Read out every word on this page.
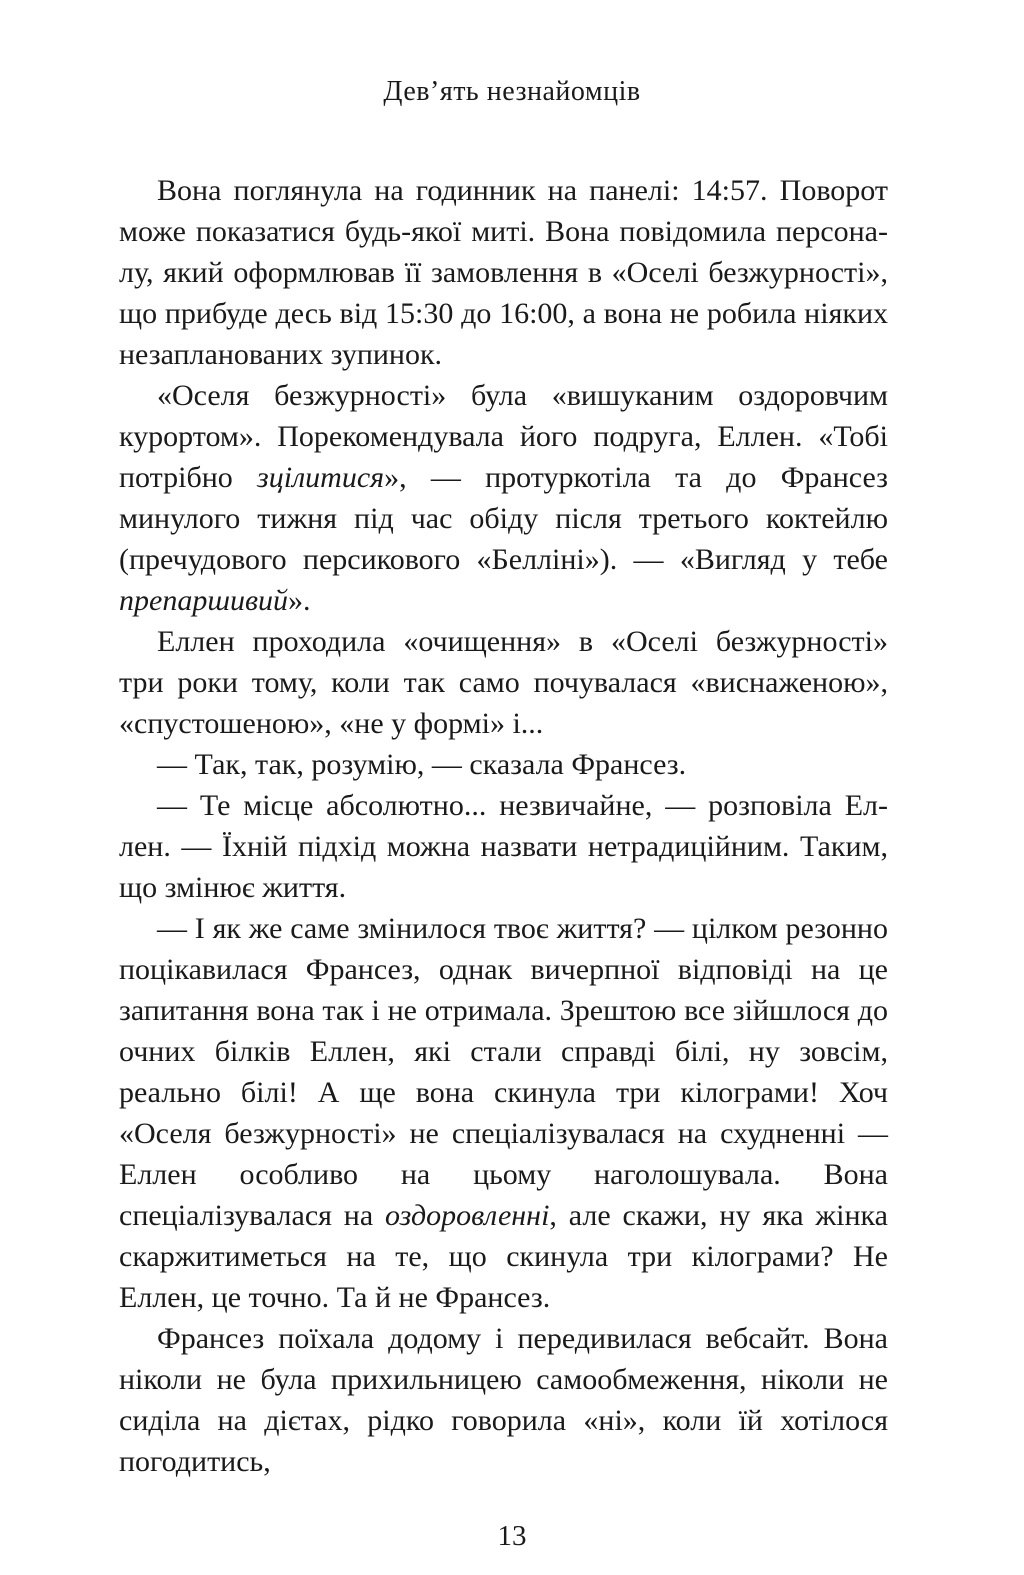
Дев’ять незнайомців

Вона поглянула на годинник на панелі: 14:57. Поворот може показатися будь-якої миті. Вона повідомила персоналу, який оформлював її замовлення в «Оселі безжурності», що прибуде десь від 15:30 до 16:00, а вона не робила ніяких незапланованих зупинок.

«Оселя безжурності» була «вишуканим оздоровчим курортом». Порекомендувала його подруга, Еллен. «Тобі потрібно зцілитися», — протуркотіла та до Франсез минулого тижня під час обіду після третього коктейлю (пречудового персикового «Белліні»). — «Вигляд у тебе препаршивий».

Еллен проходила «очищення» в «Оселі безжурності» три роки тому, коли так само почувалася «виснаженою», «спустошеною», «не у формі» і...

— Так, так, розумію, — сказала Франсез.

— Те місце абсолютно... незвичайне, — розповіла Еллен. — Їхній підхід можна назвати нетрадиційним. Таким, що змінює життя.

— І як же саме змінилося твоє життя? — цілком резонно поцікавилася Франсез, однак вичерпної відповіді на це запитання вона так і не отримала. Зрештою все зійшлося до очних білків Еллен, які стали справді білі, ну зовсім, реально білі! А ще вона скинула три кілограми! Хоч «Оселя безжурності» не спеціалізувалася на схудненні — Еллен особливо на цьому наголошувала. Вона спеціалізувалася на оздоровленні, але скажи, ну яка жінка скаржитиметься на те, що скинула три кілограми? Не Еллен, це точно. Та й не Франсез.

Франсез поїхала додому і передивилася вебсайт. Вона ніколи не була прихильницею самообмеження, ніколи не сиділа на дієтах, рідко говорила «ні», коли їй хотілося погодитись,

13
